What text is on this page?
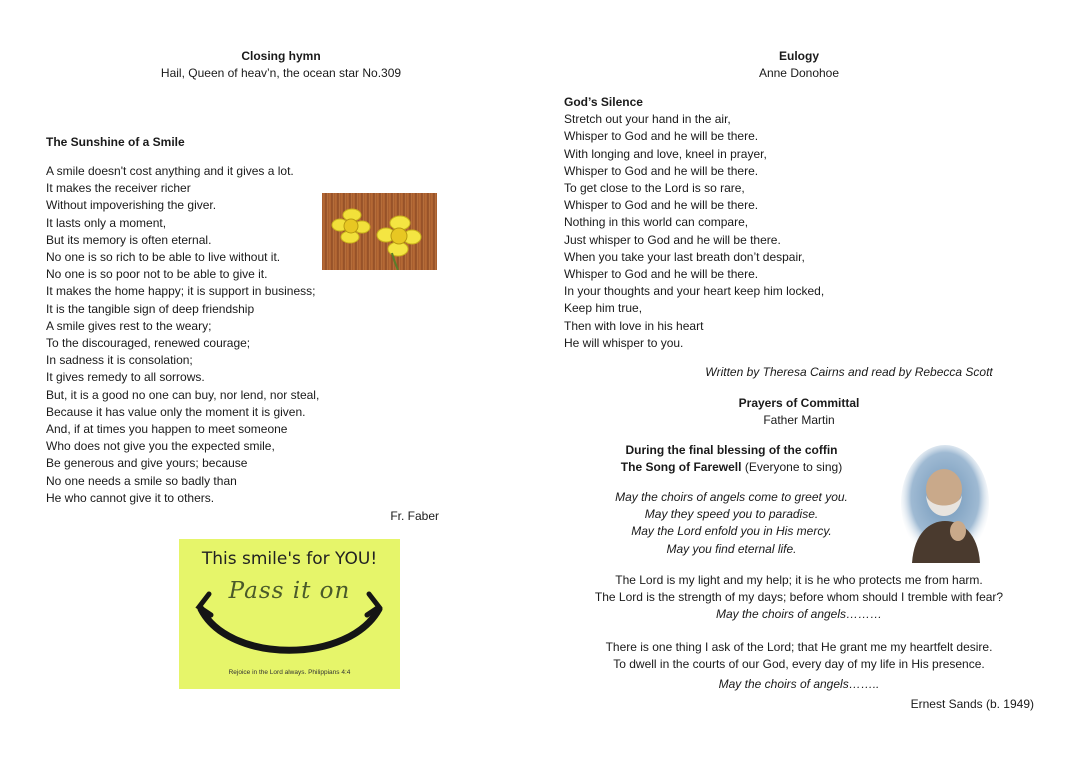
Closing hymn
Hail, Queen of heav’n, the ocean star No.309
The Sunshine of a Smile
A smile doesn't cost anything and it gives a lot.
It makes the receiver richer
Without impoverishing the giver.
It lasts only a moment,
But its memory is often eternal.
No one is so rich to be able to live without it.
No one is so poor not to be able to give it.
It makes the home happy; it is support in business;
It is the tangible sign of deep friendship
A smile gives rest to the weary;
To the discouraged, renewed courage;
In sadness it is consolation;
It gives remedy to all sorrows.
But, it is a good no one can buy, nor lend, nor steal,
Because it has value only the moment it is given.
And, if at times you happen to meet someone
Who does not give you the expected smile,
Be generous and give yours; because
No one needs a smile so badly than
He who cannot give it to others.
Fr. Faber
This smile's for YOU!
Pass it on
Rejoice in the Lord always. Philippians 4:4
Eulogy
Anne Donohoe
God’s Silence
Stretch out your hand in the air,
Whisper to God and he will be there.
With longing and love, kneel in prayer,
Whisper to God and he will be there.
To get close to the Lord is so rare,
Whisper to God and he will be there.
Nothing in this world can compare,
Just whisper to God and he will be there.
When you take your last breath don’t despair,
Whisper to God and he will be there.
In your thoughts and your heart keep him locked,
Keep him true,
Then with love in his heart
He will whisper to you.
Written by Theresa Cairns and read by Rebecca Scott
Prayers of Committal
Father Martin
During the final blessing of the coffin
The Song of Farewell (Everyone to sing)
May the choirs of angels come to greet you.
May they speed you to paradise.
May the Lord enfold you in His mercy.
May you find eternal life.
The Lord is my light and my help; it is he who protects me from harm.
The Lord is the strength of my days; before whom should I tremble with fear?
May the choirs of angels………
There is one thing I ask of the Lord; that He grant me my heartfelt desire.
To dwell in the courts of our God, every day of my life in His presence.
May the choirs of angels……..
Ernest Sands (b. 1949)
